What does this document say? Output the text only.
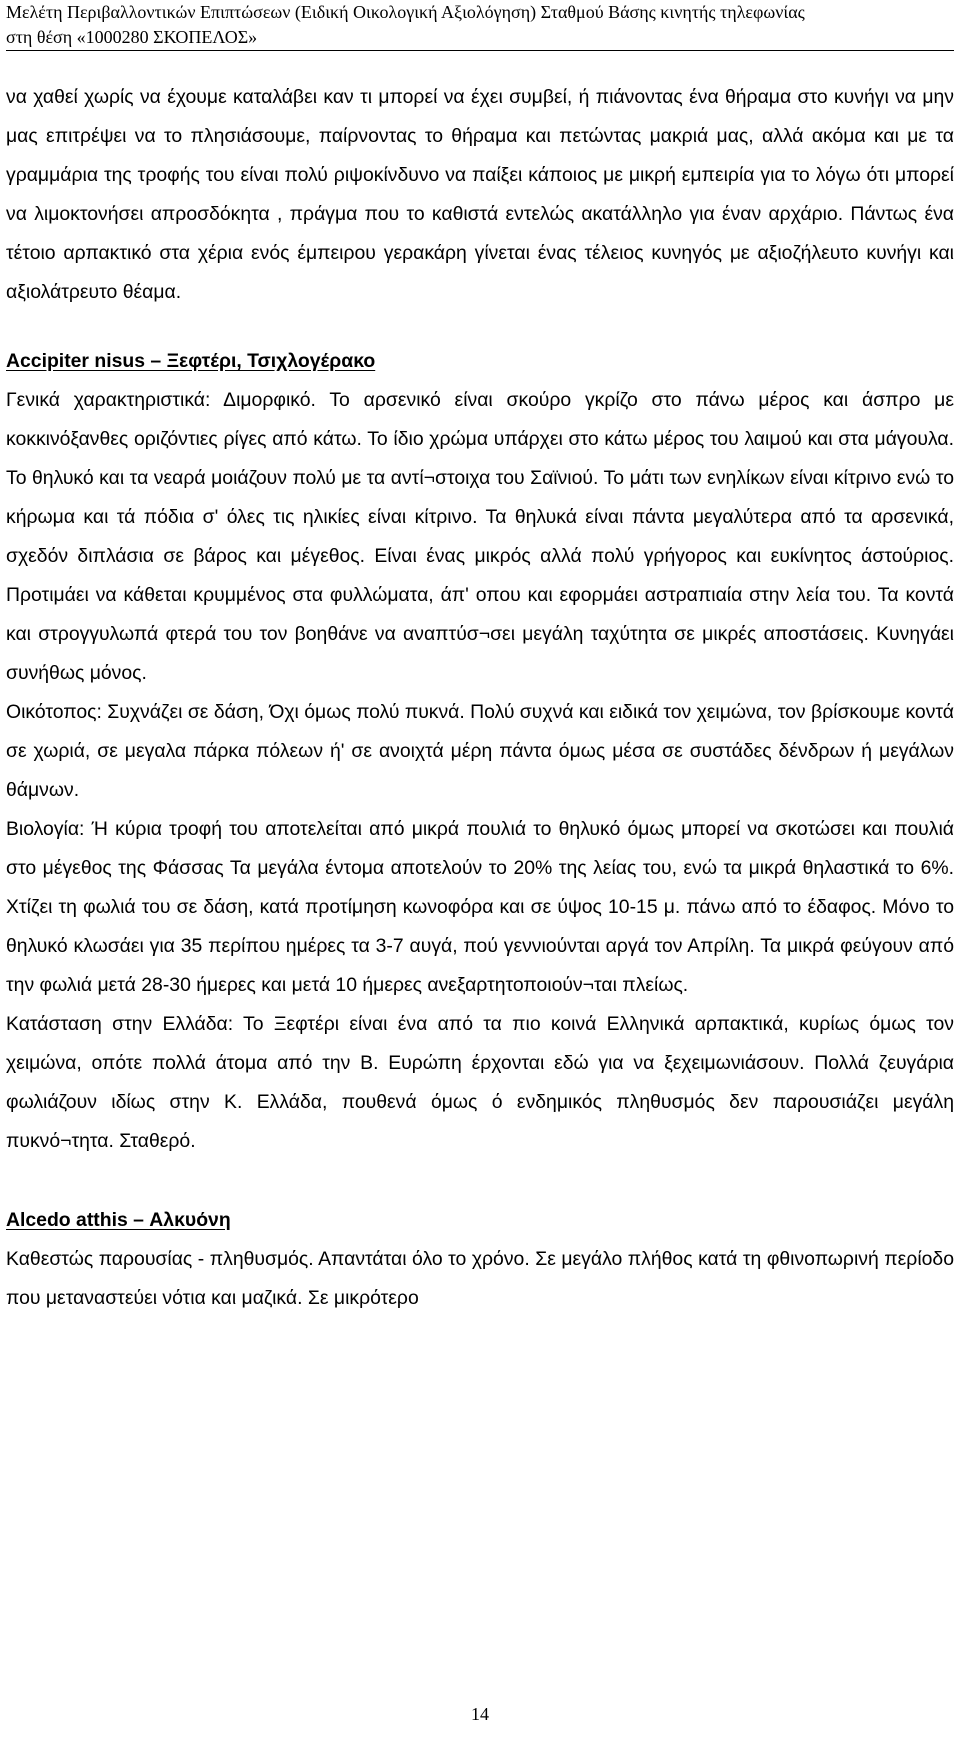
Μελέτη Περιβαλλοντικών Επιπτώσεων (Ειδική Οικολογική Αξιολόγηση) Σταθμού Βάσης κινητής τηλεφωνίας
στη θέση «1000280 ΣΚΟΠΕΛΟΣ»

να χαθεί χωρίς να έχουμε καταλάβει καν τι μπορεί να έχει συμβεί, ή πιάνοντας ένα θήραμα στο κυνήγι να μην μας επιτρέψει να το πλησιάσουμε, παίρνοντας το θήραμα και πετώντας μακριά μας, αλλά ακόμα και με τα γραμμάρια της τροφής του είναι πολύ ριψοκίνδυνο να παίξει κάποιος με μικρή εμπειρία για το λόγω ότι μπορεί να λιμοκτονήσει απροσδόκητα , πράγμα που το καθιστά εντελώς ακατάλληλο για έναν αρχάριο. Πάντως ένα τέτοιο αρπακτικό στα χέρια ενός έμπειρου γερακάρη γίνεται ένας τέλειος κυνηγός με αξιοζήλευτο κυνήγι και αξιολάτρευτο θέαμα.

Accipiter nisus – Ξεφτέρι, Τσιχλογέρακο

Γενικά χαρακτηριστικά: Διμορφικό. Το αρσενικό είναι σκούρο γκρίζο στο πάνω μέρος και άσπρο με κοκκινόξανθες οριζόντιες ρίγες από κάτω. Το ίδιο χρώμα υπάρχει στο κάτω μέρος του λαιμού και στα μάγουλα. Το θηλυκό και τα νεαρά μοιάζουν πολύ με τα αντί¬στοιχα του Σαϊνιού. Το μάτι των ενηλίκων είναι κίτρινο ενώ το κήρωμα και τά πόδια σ' όλες τις ηλικίες είναι κίτρινο. Τα θηλυκά είναι πάντα μεγαλύτερα από τα αρσενικά, σχεδόν διπλάσια σε βάρος και μέγεθος. Είναι ένας μικρός αλλά πολύ γρήγορος και ευκίνητος άστούριος. Προτιμάει να κάθεται κρυμμένος στα φυλλώματα, άπ' οπου και εφορμάει αστραπιαία στην λεία του. Τα κοντά και στρογγυλωπά φτερά του τον βοηθάνε να αναπτύσ¬σει μεγάλη ταχύτητα σε μικρές αποστάσεις. Κυνηγάει συνήθως μόνος.

Οικότοπος: Συχνάζει σε δάση, Όχι όμως πολύ πυκνά. Πολύ συχνά και ειδικά τον χειμώνα, τον βρίσκουμε κοντά σε χωριά, σε μεγαλα πάρκα πόλεων ή' σε ανοιχτά μέρη πάντα όμως μέσα σε συστάδες δένδρων ή μεγάλων θάμνων.

Βιολογία: Ή κύρια τροφή του αποτελείται από μικρά πουλιά το θηλυκό όμως μπορεί να σκοτώσει και πουλιά στο μέγεθος της Φάσσας Τα μεγάλα έντομα αποτελούν το 20% της λείας του, ενώ τα μικρά θηλαστικά το 6%. Χτίζει τη φωλιά του σε δάση, κατά προτίμηση κωνοφόρα και σε ύψος 10-15 μ. πάνω από το έδαφος. Μόνο το θηλυκό κλωσάει για 35 περίπου ημέρες τα 3-7 αυγά, πού γεννιούνται αργά τον Απρίλη. Τα μικρά φεύγουν από την φωλιά μετά 28-30 ήμερες και μετά 10 ήμερες ανεξαρτητοποιούν¬ται πλείως.

Κατάσταση στην Ελλάδα: Το Ξεφτέρι είναι ένα από τα πιο κοινά Ελληνικά αρπακτικά, κυρίως όμως τον χειμώνα, οπότε πολλά άτομα από την Β. Ευρώπη έρχονται εδώ για να ξεχειμωνιάσουν. Πολλά ζευγάρια φωλιάζουν ιδίως στην Κ. Ελλάδα, πουθενά όμως ό ενδημικός πληθυσμός δεν παρουσιάζει μεγάλη πυκνό¬τητα. Σταθερό.

Alcedo atthis – Αλκυόνη

Καθεστώς παρουσίας - πληθυσμός. Απαντάται όλο το χρόνο. Σε μεγάλο πλήθος κατά τη φθινοπωρινή περίοδο που μεταναστεύει νότια και μαζικά. Σε μικρότερο

14
